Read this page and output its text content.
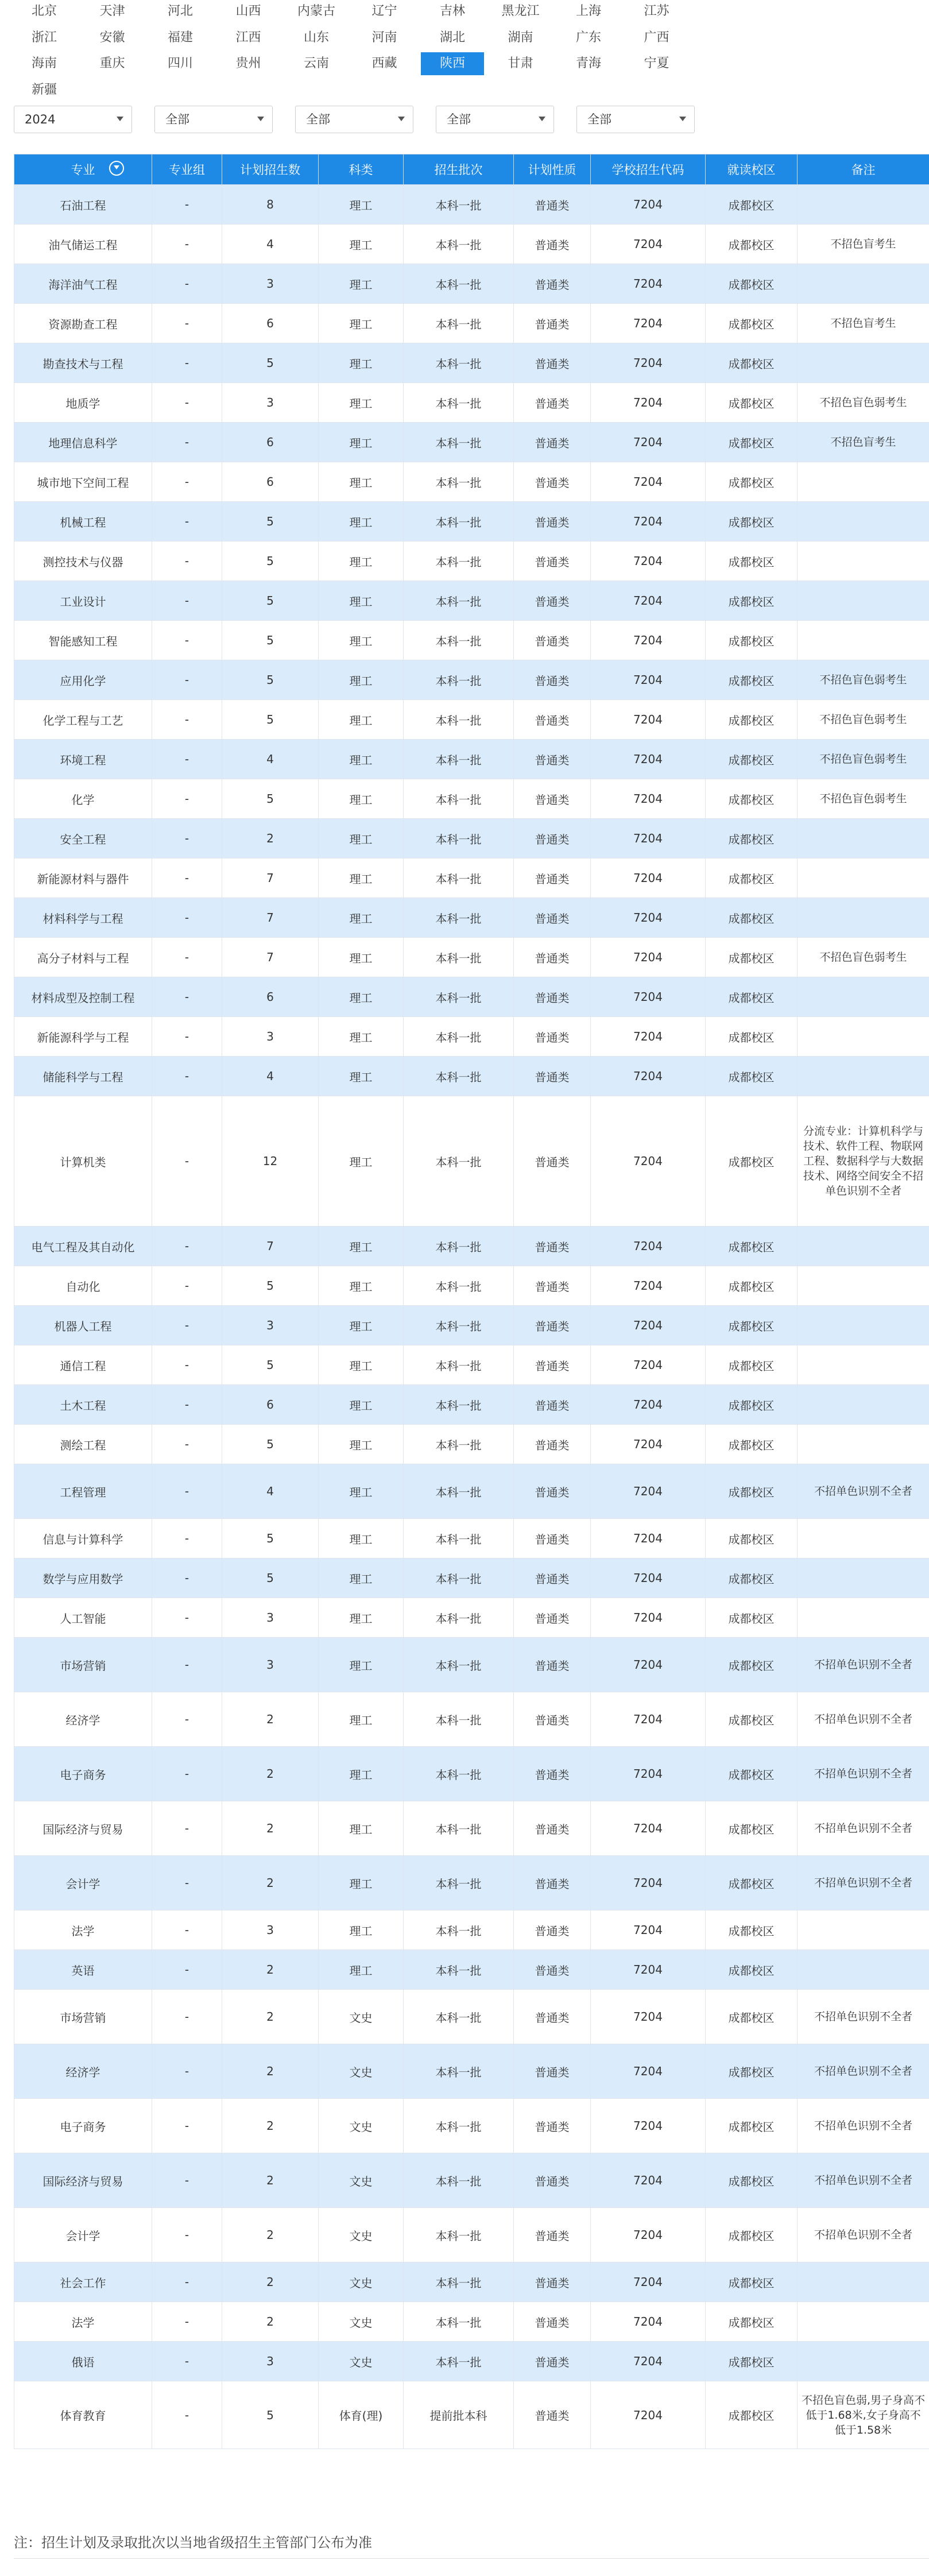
北京	天津	河北	山西	内蒙古	辽宁	吉林	黑龙江	上海	江苏
浙江	安徽	福建	江西	山东	河南	湖北	湖南	广东	广西
海南	重庆	四川	贵州	云南	西藏	陕西	甘肃	青海	宁夏
新疆
2024	全部	全部	全部	全部
专业	专业组	计划招生数	科类	招生批次	计划性质	学校招生代码	就读校区	备注
石油工程	-	8	理工	本科一批	普通类	7204	成都校区	
油气储运工程	-	4	理工	本科一批	普通类	7204	成都校区	不招色盲考生
海洋油气工程	-	3	理工	本科一批	普通类	7204	成都校区	
资源勘查工程	-	6	理工	本科一批	普通类	7204	成都校区	不招色盲考生
勘查技术与工程	-	5	理工	本科一批	普通类	7204	成都校区	
地质学	-	3	理工	本科一批	普通类	7204	成都校区	不招色盲色弱考生
地理信息科学	-	6	理工	本科一批	普通类	7204	成都校区	不招色盲考生
城市地下空间工程	-	6	理工	本科一批	普通类	7204	成都校区	
机械工程	-	5	理工	本科一批	普通类	7204	成都校区	
测控技术与仪器	-	5	理工	本科一批	普通类	7204	成都校区	
工业设计	-	5	理工	本科一批	普通类	7204	成都校区	
智能感知工程	-	5	理工	本科一批	普通类	7204	成都校区	
应用化学	-	5	理工	本科一批	普通类	7204	成都校区	不招色盲色弱考生
化学工程与工艺	-	5	理工	本科一批	普通类	7204	成都校区	不招色盲色弱考生
环境工程	-	4	理工	本科一批	普通类	7204	成都校区	不招色盲色弱考生
化学	-	5	理工	本科一批	普通类	7204	成都校区	不招色盲色弱考生
安全工程	-	2	理工	本科一批	普通类	7204	成都校区	
新能源材料与器件	-	7	理工	本科一批	普通类	7204	成都校区	
材料科学与工程	-	7	理工	本科一批	普通类	7204	成都校区	
高分子材料与工程	-	7	理工	本科一批	普通类	7204	成都校区	不招色盲色弱考生
材料成型及控制工程	-	6	理工	本科一批	普通类	7204	成都校区	
新能源科学与工程	-	3	理工	本科一批	普通类	7204	成都校区	
储能科学与工程	-	4	理工	本科一批	普通类	7204	成都校区	
计算机类	-	12	理工	本科一批	普通类	7204	成都校区	分流专业：计算机科学与技术、软件工程、物联网工程、数据科学与大数据技术、网络空间安全不招单色识别不全者
电气工程及其自动化	-	7	理工	本科一批	普通类	7204	成都校区	
自动化	-	5	理工	本科一批	普通类	7204	成都校区	
机器人工程	-	3	理工	本科一批	普通类	7204	成都校区	
通信工程	-	5	理工	本科一批	普通类	7204	成都校区	
土木工程	-	6	理工	本科一批	普通类	7204	成都校区	
测绘工程	-	5	理工	本科一批	普通类	7204	成都校区	
工程管理	-	4	理工	本科一批	普通类	7204	成都校区	不招单色识别不全者
信息与计算科学	-	5	理工	本科一批	普通类	7204	成都校区	
数学与应用数学	-	5	理工	本科一批	普通类	7204	成都校区	
人工智能	-	3	理工	本科一批	普通类	7204	成都校区	
市场营销	-	3	理工	本科一批	普通类	7204	成都校区	不招单色识别不全者
经济学	-	2	理工	本科一批	普通类	7204	成都校区	不招单色识别不全者
电子商务	-	2	理工	本科一批	普通类	7204	成都校区	不招单色识别不全者
国际经济与贸易	-	2	理工	本科一批	普通类	7204	成都校区	不招单色识别不全者
会计学	-	2	理工	本科一批	普通类	7204	成都校区	不招单色识别不全者
法学	-	3	理工	本科一批	普通类	7204	成都校区	
英语	-	2	理工	本科一批	普通类	7204	成都校区	
市场营销	-	2	文史	本科一批	普通类	7204	成都校区	不招单色识别不全者
经济学	-	2	文史	本科一批	普通类	7204	成都校区	不招单色识别不全者
电子商务	-	2	文史	本科一批	普通类	7204	成都校区	不招单色识别不全者
国际经济与贸易	-	2	文史	本科一批	普通类	7204	成都校区	不招单色识别不全者
会计学	-	2	文史	本科一批	普通类	7204	成都校区	不招单色识别不全者
社会工作	-	2	文史	本科一批	普通类	7204	成都校区	
法学	-	2	文史	本科一批	普通类	7204	成都校区	
俄语	-	3	文史	本科一批	普通类	7204	成都校区	
体育教育	-	5	体育(理)	提前批本科	普通类	7204	成都校区	不招色盲色弱,男子身高不低于1.68米,女子身高不低于1.58米
注：招生计划及录取批次以当地省级招生主管部门公布为准
